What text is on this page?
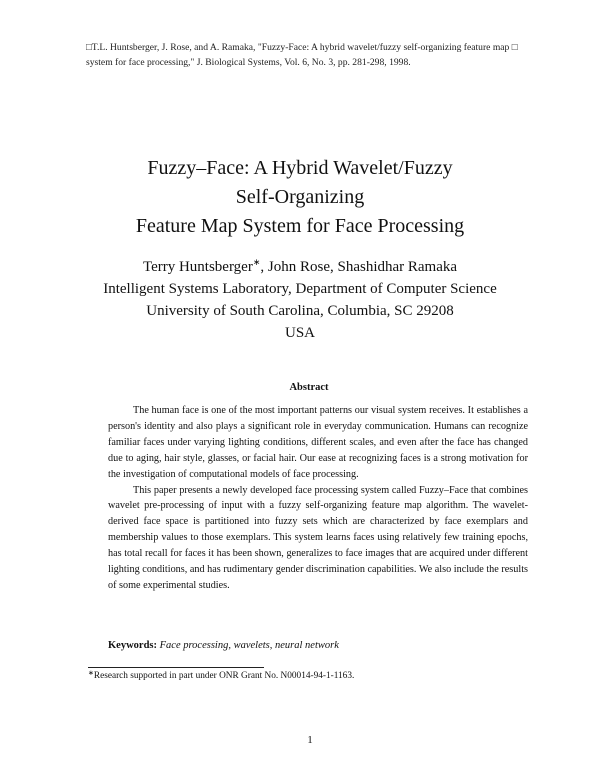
□T.L. Huntsberger, J. Rose, and A. Ramaka, "Fuzzy-Face: A hybrid wavelet/fuzzy self-organizing feature map □
system for face processing," J. Biological Systems, Vol. 6, No. 3, pp. 281-298, 1998.
Fuzzy–Face: A Hybrid Wavelet/Fuzzy
Self-Organizing
Feature Map System for Face Processing
Terry Huntsberger∗, John Rose, Shashidhar Ramaka
Intelligent Systems Laboratory, Department of Computer Science
University of South Carolina, Columbia, SC 29208
USA
Abstract

The human face is one of the most important patterns our visual system receives. It establishes a person's identity and also plays a significant role in everyday communication. Humans can recognize familiar faces under varying lighting conditions, different scales, and even after the face has changed due to aging, hair style, glasses, or facial hair. Our ease at recognizing faces is a strong motivation for the investigation of computational models of face processing.

This paper presents a newly developed face processing system called Fuzzy–Face that combines wavelet pre-processing of input with a fuzzy self-organizing feature map algorithm. The wavelet-derived face space is partitioned into fuzzy sets which are characterized by face exemplars and membership values to those exemplars. This system learns faces using relatively few training epochs, has total recall for faces it has been shown, generalizes to face images that are acquired under different lighting conditions, and has rudimentary gender discrimination capabilities. We also include the results of some experimental studies.

Keywords: Face processing, wavelets, neural network
∗Research supported in part under ONR Grant No. N00014-94-1-1163.
1
